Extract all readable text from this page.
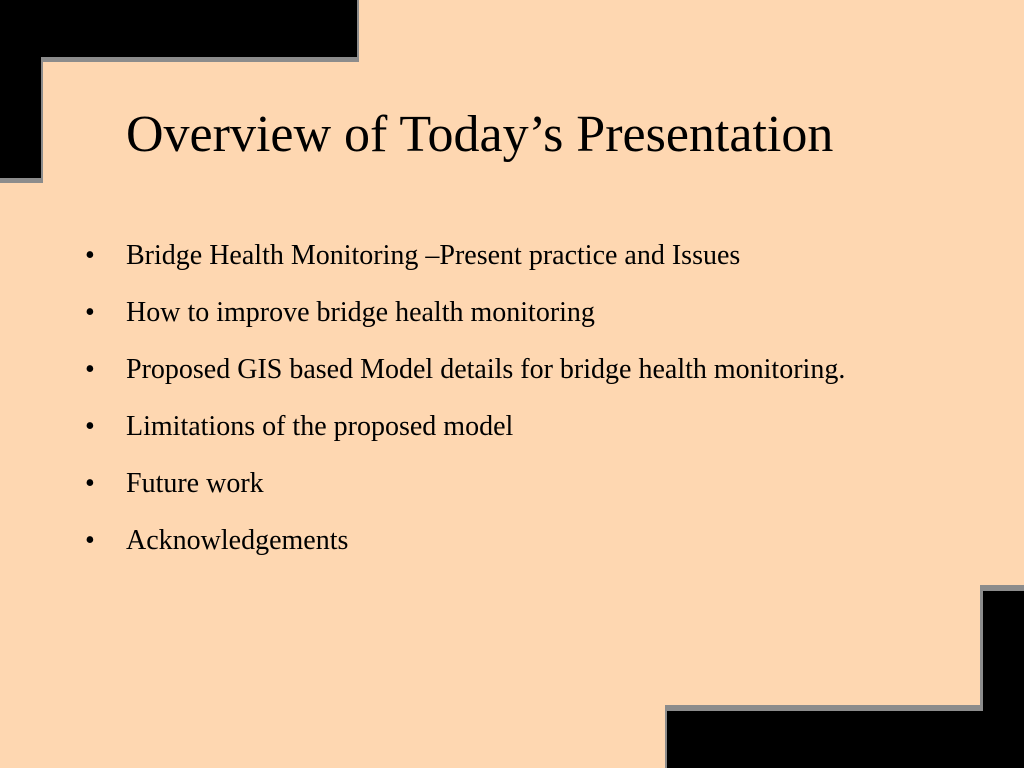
Overview of Today’s Presentation
•	Bridge Health Monitoring –Present practice and Issues
•	How to improve bridge health monitoring
•	Proposed GIS based Model details for bridge health monitoring.
•	Limitations of the proposed model
•	Future work
•	Acknowledgements
